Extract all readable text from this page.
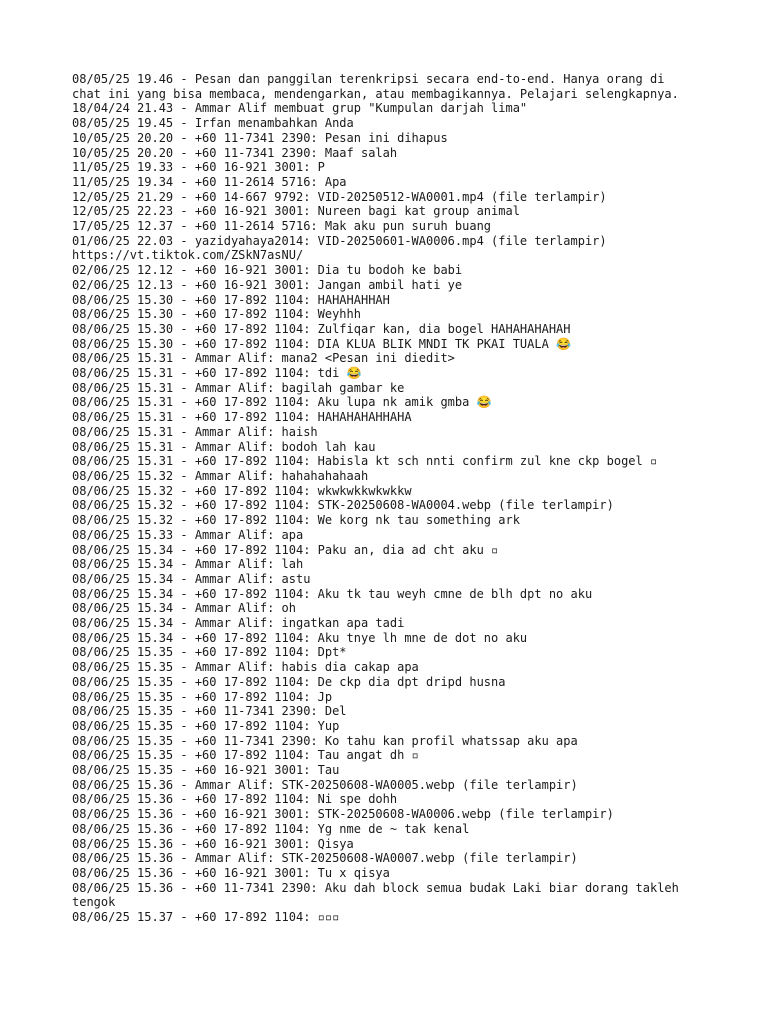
08/05/25 19.46 - Pesan dan panggilan terenkripsi secara end-to-end. Hanya orang di chat ini yang bisa membaca, mendengarkan, atau membagikannya. Pelajari selengkapnya.
18/04/24 21.43 - Ammar Alif membuat grup "Kumpulan darjah lima"
08/05/25 19.45 - Irfan menambahkan Anda
10/05/25 20.20 - +60 11-7341 2390: Pesan ini dihapus
10/05/25 20.20 - +60 11-7341 2390: Maaf salah
11/05/25 19.33 - +60 16-921 3001: P
11/05/25 19.34 - +60 11-2614 5716: Apa
12/05/25 21.29 - +60 14-667 9792: VID-20250512-WA0001.mp4 (file terlampir)
12/05/25 22.23 - +60 16-921 3001: Nureen bagi kat group animal
17/05/25 12.37 - +60 11-2614 5716: Mak aku pun suruh buang
01/06/25 22.03 - yazidyahaya2014: VID-20250601-WA0006.mp4 (file terlampir) https://vt.tiktok.com/ZSkN7asNU/
02/06/25 12.12 - +60 16-921 3001: Dia tu bodoh ke babi
02/06/25 12.13 - +60 16-921 3001: Jangan ambil hati ye
08/06/25 15.30 - +60 17-892 1104: HAHAHAHHAH
08/06/25 15.30 - +60 17-892 1104: Weyhhh
08/06/25 15.30 - +60 17-892 1104: Zulfiqar kan, dia bogel HAHAHAHAHAH
08/06/25 15.30 - +60 17-892 1104: DIA KLUA BLIK MNDI TK PKAI TUALA 😂
08/06/25 15.31 - Ammar Alif: mana2 <Pesan ini diedit>
08/06/25 15.31 - +60 17-892 1104: tdi 😂
08/06/25 15.31 - Ammar Alif: bagilah gambar ke
08/06/25 15.31 - +60 17-892 1104: Aku lupa nk amik gmba 😂
08/06/25 15.31 - +60 17-892 1104: HAHAHAHAHHAHA
08/06/25 15.31 - Ammar Alif: haish
08/06/25 15.31 - Ammar Alif: bodoh lah kau
08/06/25 15.31 - +60 17-892 1104: Habisla kt sch nnti confirm zul kne ckp bogel ▫
08/06/25 15.32 - Ammar Alif: hahahahahaah
08/06/25 15.32 - +60 17-892 1104: wkwkwkkwkwkkw
08/06/25 15.32 - +60 17-892 1104: STK-20250608-WA0004.webp (file terlampir)
08/06/25 15.32 - +60 17-892 1104: We korg nk tau something ark
08/06/25 15.33 - Ammar Alif: apa
08/06/25 15.34 - +60 17-892 1104: Paku an, dia ad cht aku ▫
08/06/25 15.34 - Ammar Alif: lah
08/06/25 15.34 - Ammar Alif: astu
08/06/25 15.34 - +60 17-892 1104: Aku tk tau weyh cmne de blh dpt no aku
08/06/25 15.34 - Ammar Alif: oh
08/06/25 15.34 - Ammar Alif: ingatkan apa tadi
08/06/25 15.34 - +60 17-892 1104: Aku tnye lh mne de dot no aku
08/06/25 15.35 - +60 17-892 1104: Dpt*
08/06/25 15.35 - Ammar Alif: habis dia cakap apa
08/06/25 15.35 - +60 17-892 1104: De ckp dia dpt dripd husna
08/06/25 15.35 - +60 17-892 1104: Jp
08/06/25 15.35 - +60 11-7341 2390: Del
08/06/25 15.35 - +60 17-892 1104: Yup
08/06/25 15.35 - +60 11-7341 2390: Ko tahu kan profil whatssap aku apa
08/06/25 15.35 - +60 17-892 1104: Tau angat dh ▫
08/06/25 15.35 - +60 16-921 3001: Tau
08/06/25 15.36 - Ammar Alif: STK-20250608-WA0005.webp (file terlampir)
08/06/25 15.36 - +60 17-892 1104: Ni spe dohh
08/06/25 15.36 - +60 16-921 3001: STK-20250608-WA0006.webp (file terlampir)
08/06/25 15.36 - +60 17-892 1104: Yg nme de ~ tak kenal
08/06/25 15.36 - +60 16-921 3001: Qisya
08/06/25 15.36 - Ammar Alif: STK-20250608-WA0007.webp (file terlampir)
08/06/25 15.36 - +60 16-921 3001: Tu x qisya
08/06/25 15.36 - +60 11-7341 2390: Aku dah block semua budak Laki biar dorang takleh tengok
08/06/25 15.37 - +60 17-892 1104: ▫▫▫
